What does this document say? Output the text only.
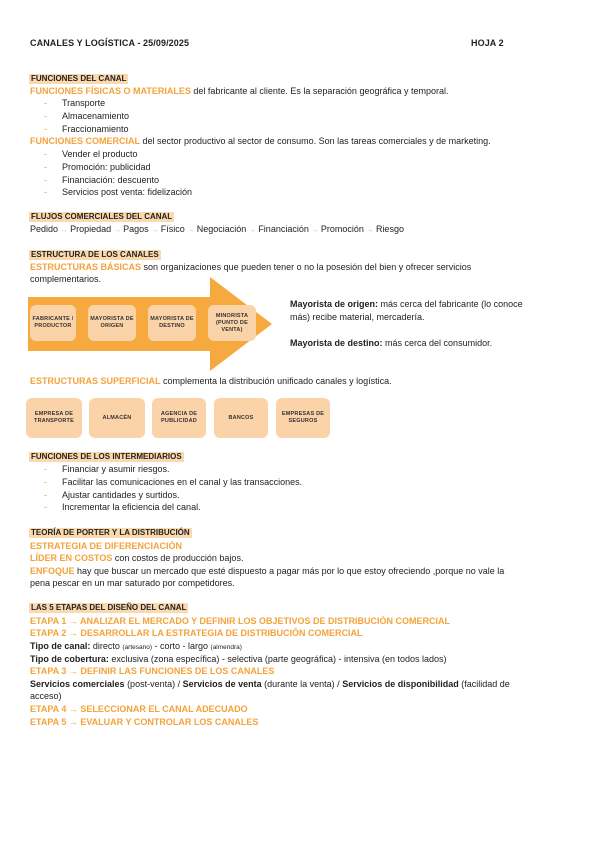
CANALES Y LOGÍSTICA - 25/09/2025	HOJA 2
FUNCIONES DEL CANAL
FUNCIONES FÍSICAS O MATERIALES del fabricante al cliente. Es la separación geográfica y temporal.
- Transporte
- Almacenamiento
- Fraccionamiento
FUNCIONES COMERCIAL del sector productivo al sector de consumo. Son las tareas comerciales y de marketing.
- Vender el producto
- Promoción: publicidad
- Financiación: descuento
- Servicios post venta: fidelización
FLUJOS COMERCIALES DEL CANAL
Pedido → Propiedad → Pagos → Físico → Negociación → Financiación → Promoción → Riesgo
ESTRUCTURA DE LOS CANALES
ESTRUCTURAS BÁSICAS son organizaciones que pueden tener o no la posesión del bien y ofrecer servicios
complementarios.
FABRICANTE / PRODUCTOR
MAYORISTA DE ORIGEN
MAYORISTA DE DESTINO
MINORISTA (PUNTO DE VENTA)
Mayorista de origen: más cerca del fabricante (lo conoce
más) recibe material, mercadería.
Mayorista de destino: más cerca del consumidor.
ESTRUCTURAS SUPERFICIAL complementa la distribución unificado canales y logística.
EMPRESA DE TRANSPORTE
ALMACÉN
AGENCIA DE PUBLICIDAD
BANCOS
EMPRESAS DE SEGUROS
FUNCIONES DE LOS INTERMEDIARIOS
- Financiar y asumir riesgos.
- Facilitar las comunicaciones en el canal y las transacciones.
- Ajustar cantidades y surtidos.
- Incrementar la eficiencia del canal.
TEORÍA DE PORTER Y LA DISTRIBUCIÓN
ESTRATEGIA DE DIFERENCIACIÓN
LÍDER EN COSTOS con costos de producción bajos.
ENFOQUE hay que buscar un mercado que esté dispuesto a pagar más por lo que estoy ofreciendo ,porque no vale la
pena pescar en un mar saturado por competidores.
LAS 5 ETAPAS DEL DISEÑO DEL CANAL
ETAPA 1 → ANALIZAR EL MERCADO Y DEFINIR LOS OBJETIVOS DE DISTRIBUCIÓN COMERCIAL
ETAPA 2 → DESARROLLAR LA ESTRATEGIA DE DISTRIBUCIÓN COMERCIAL
Tipo de canal: directo (artesano) - corto - largo (almendra)
Tipo de cobertura: exclusiva (zona específica) - selectiva (parte geográfica) - intensiva (en todos lados)
ETAPA 3 → DEFINIR LAS FUNCIONES DE LOS CANALES
Servicios comerciales (post-venta) / Servicios de venta (durante la venta) / Servicios de disponibilidad (facilidad de
acceso)
ETAPA 4 → SELECCIONAR EL CANAL ADECUADO
ETAPA 5 → EVALUAR Y CONTROLAR LOS CANALES
